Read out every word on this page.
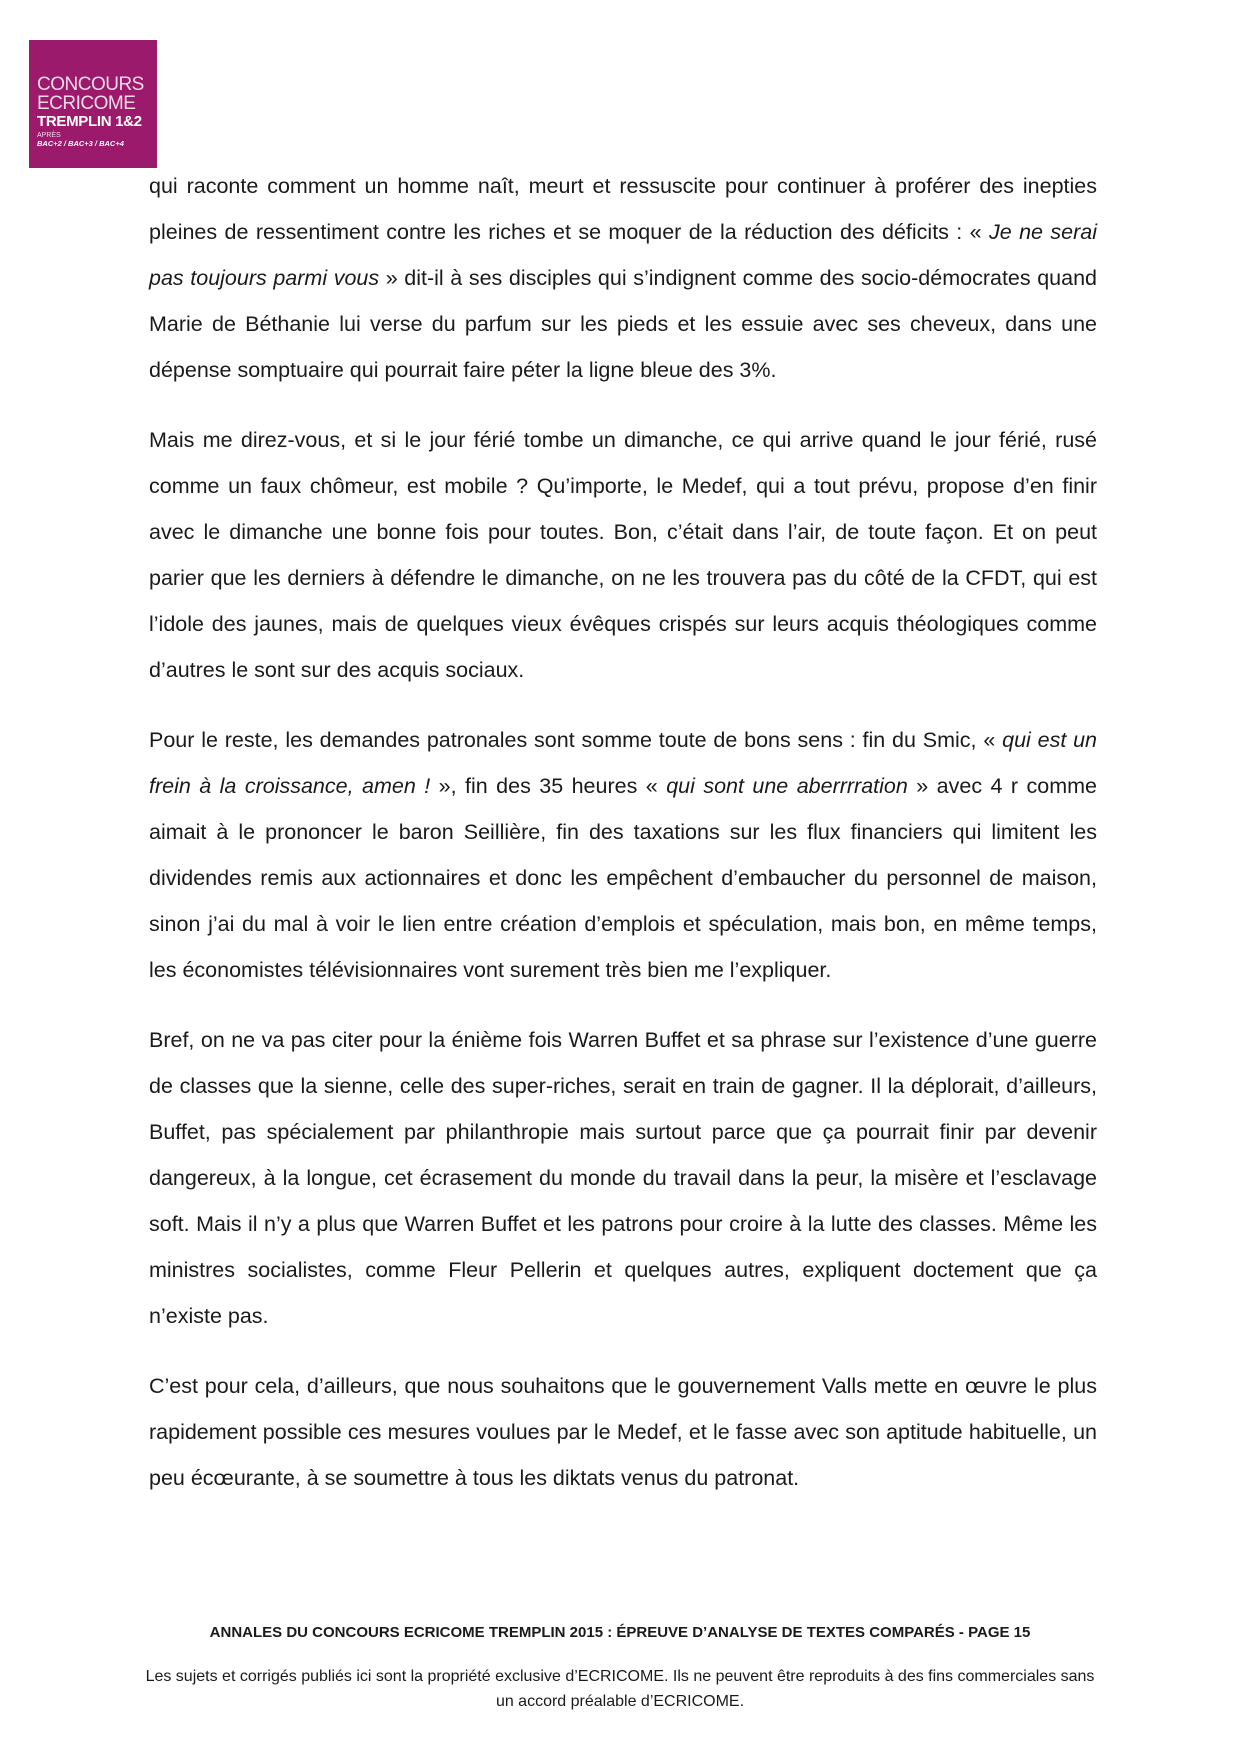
CONCOURS
ECRICOME
TREMPLIN 1&2
APRÈS
BAC+2 / BAC+3 / BAC+4

qui raconte comment un homme naît, meurt et ressuscite pour continuer à proférer des inepties pleines de ressentiment contre les riches et se moquer de la réduction des déficits : « Je ne serai pas toujours parmi vous » dit-il à ses disciples qui s’indignent comme des socio-démocrates quand Marie de Béthanie lui verse du parfum sur les pieds et les essuie avec ses cheveux, dans une dépense somptuaire qui pourrait faire péter la ligne bleue des 3%.

Mais me direz-vous, et si le jour férié tombe un dimanche, ce qui arrive quand le jour férié, rusé comme un faux chômeur, est mobile ? Qu’importe, le Medef, qui a tout prévu, propose d’en finir avec le dimanche une bonne fois pour toutes. Bon, c’était dans l’air, de toute façon. Et on peut parier que les derniers à défendre le dimanche, on ne les trouvera pas du côté de la CFDT, qui est l’idole des jaunes, mais de quelques vieux évêques crispés sur leurs acquis théologiques comme d’autres le sont sur des acquis sociaux.

Pour le reste, les demandes patronales sont somme toute de bons sens : fin du Smic, « qui est un frein à la croissance, amen ! », fin des 35 heures « qui sont une aberrrration » avec 4 r comme aimait à le prononcer le baron Seillière, fin des taxations sur les flux financiers qui limitent les dividendes remis aux actionnaires et donc les empêchent d’embaucher du personnel de maison, sinon j’ai du mal à voir le lien entre création d’emplois et spéculation, mais bon, en même temps, les économistes télévisionnaires vont surement très bien me l’expliquer.

Bref, on ne va pas citer pour la énième fois Warren Buffet et sa phrase sur l’existence d’une guerre de classes que la sienne, celle des super-riches, serait en train de gagner. Il la déplorait, d’ailleurs, Buffet, pas spécialement par philanthropie mais surtout parce que ça pourrait finir par devenir dangereux, à la longue, cet écrasement du monde du travail dans la peur, la misère et l’esclavage soft. Mais il n’y a plus que Warren Buffet et les patrons pour croire à la lutte des classes. Même les ministres socialistes, comme Fleur Pellerin et quelques autres, expliquent doctement que ça n’existe pas.

C’est pour cela, d’ailleurs, que nous souhaitons que le gouvernement Valls mette en œuvre le plus rapidement possible ces mesures voulues par le Medef, et le fasse avec son aptitude habituelle, un peu écœurante, à se soumettre à tous les diktats venus du patronat.

ANNALES DU CONCOURS ECRICOME TREMPLIN 2015 : ÉPREUVE D’ANALYSE DE TEXTES COMPARÉS - PAGE 15
Les sujets et corrigés publiés ici sont la propriété exclusive d’ECRICOME. Ils ne peuvent être reproduits à des fins commerciales sans un accord préalable d’ECRICOME.
